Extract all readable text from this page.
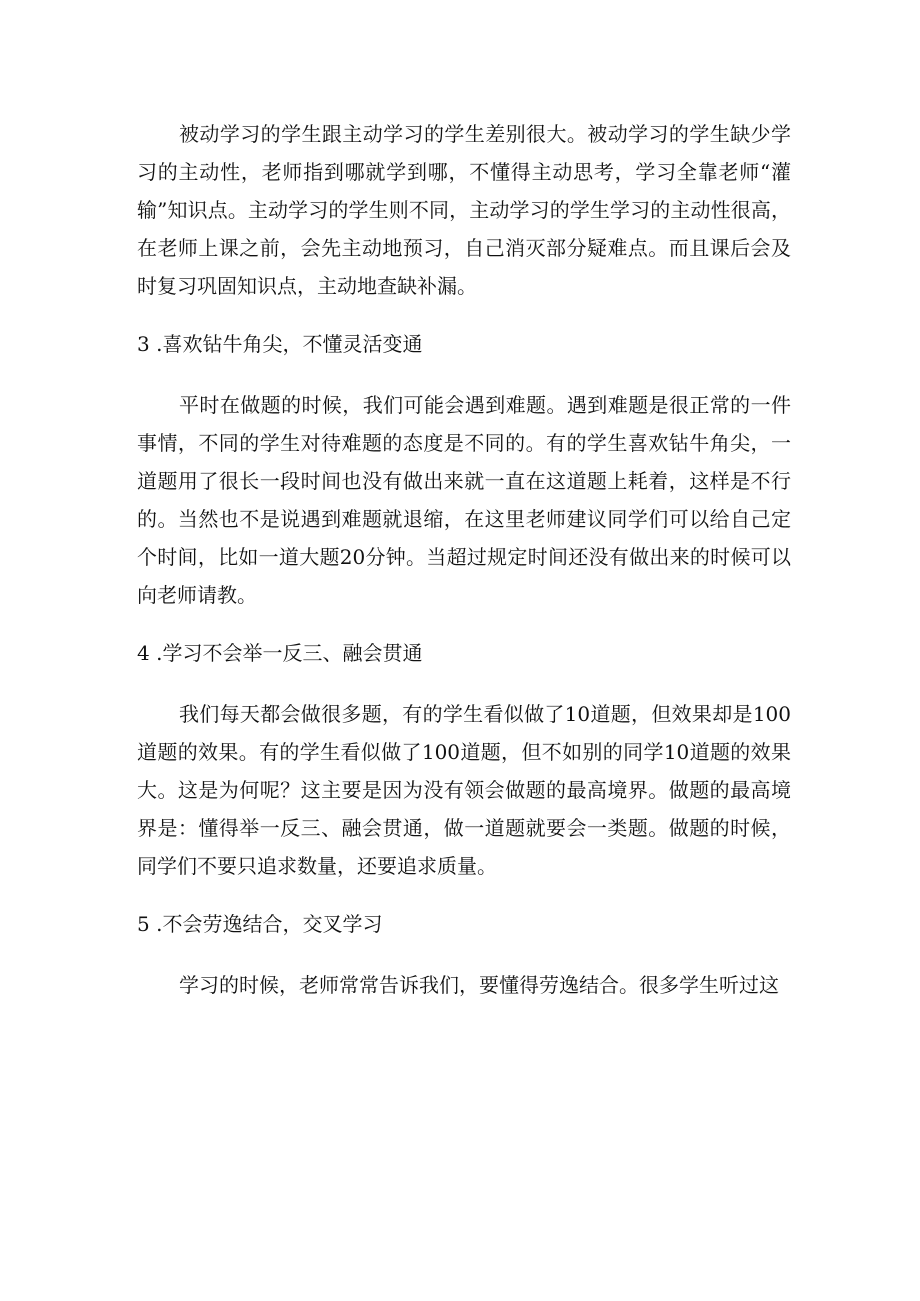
被动学习的学生跟主动学习的学生差别很大。被动学习的学生缺少学习的主动性，老师指到哪就学到哪，不懂得主动思考，学习全靠老师“灌输”知识点。主动学习的学生则不同，主动学习的学生学习的主动性很高，在老师上课之前，会先主动地预习，自己消灭部分疑难点。而且课后会及时复习巩固知识点，主动地查缺补漏。

3 .喜欢钻牛角尖，不懂灵活变通

平时在做题的时候，我们可能会遇到难题。遇到难题是很正常的一件事情，不同的学生对待难题的态度是不同的。有的学生喜欢钻牛角尖，一道题用了很长一段时间也没有做出来就一直在这道题上耗着，这样是不行的。当然也不是说遇到难题就退缩，在这里老师建议同学们可以给自己定个时间，比如一道大题20分钟。当超过规定时间还没有做出来的时候可以向老师请教。

4 .学习不会举一反三、融会贯通

我们每天都会做很多题，有的学生看似做了10道题，但效果却是100道题的效果。有的学生看似做了100道题，但不如别的同学10道题的效果大。这是为何呢？这主要是因为没有领会做题的最高境界。做题的最高境界是：懂得举一反三、融会贯通，做一道题就要会一类题。做题的时候，同学们不要只追求数量，还要追求质量。

5 .不会劳逸结合，交叉学习

学习的时候，老师常常告诉我们，要懂得劳逸结合。很多学生听过这
